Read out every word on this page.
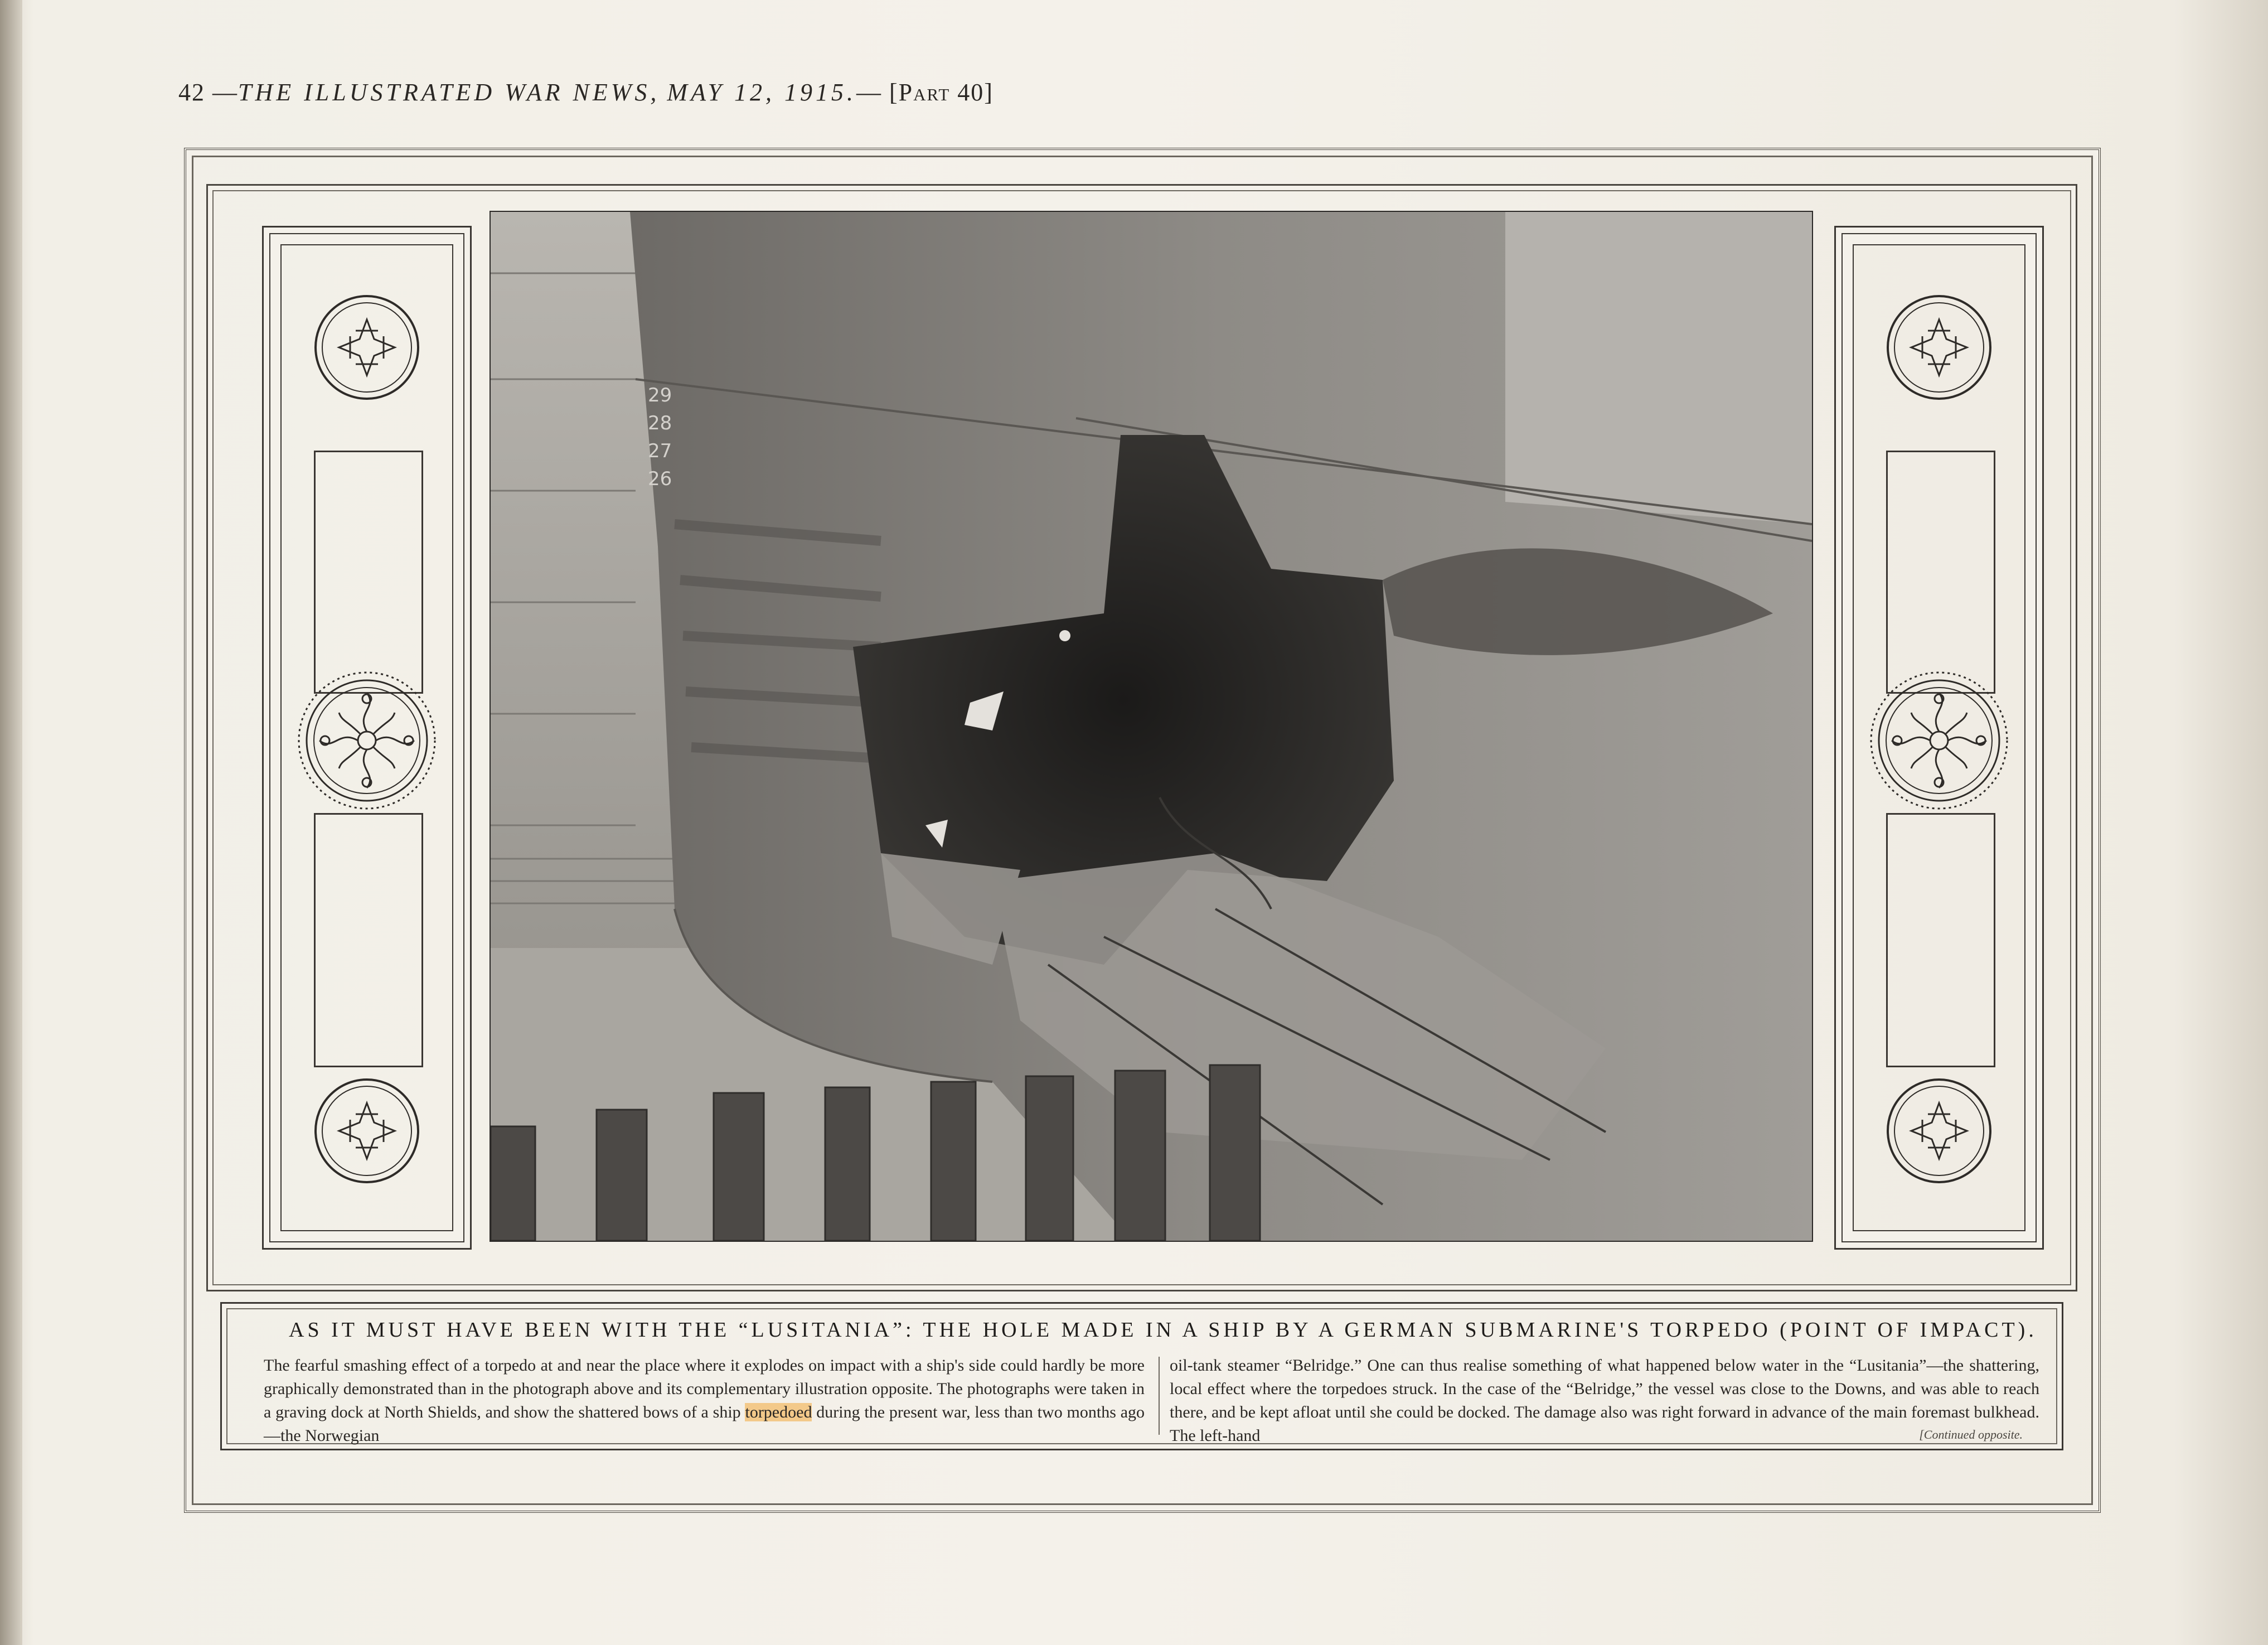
42 —THE ILLUSTRATED WAR NEWS, MAY 12, 1915.— [Part 40]
29
28
27
26
AS IT MUST HAVE BEEN WITH THE “LUSITANIA”: THE HOLE MADE IN A SHIP BY A GERMAN SUBMARINE'S TORPEDO (POINT OF IMPACT).
The fearful smashing effect of a torpedo at and near the place where it explodes on impact with a ship's side could hardly be more graphically demonstrated than in the photograph above and its complementary illustration opposite. The photographs were taken in a graving dock at North Shields, and show the shattered bows of a ship torpedoed during the present war, less than two months ago—the Norwegian
oil-tank steamer “Belridge.” One can thus realise something of what happened below water in the “Lusitania”—the shattering, local effect where the torpedoes struck. In the case of the “Belridge,” the vessel was close to the Downs, and was able to reach there, and be kept afloat until she could be docked. The damage also was right forward in advance of the main foremast bulkhead. The left-hand	[Continued opposite.
